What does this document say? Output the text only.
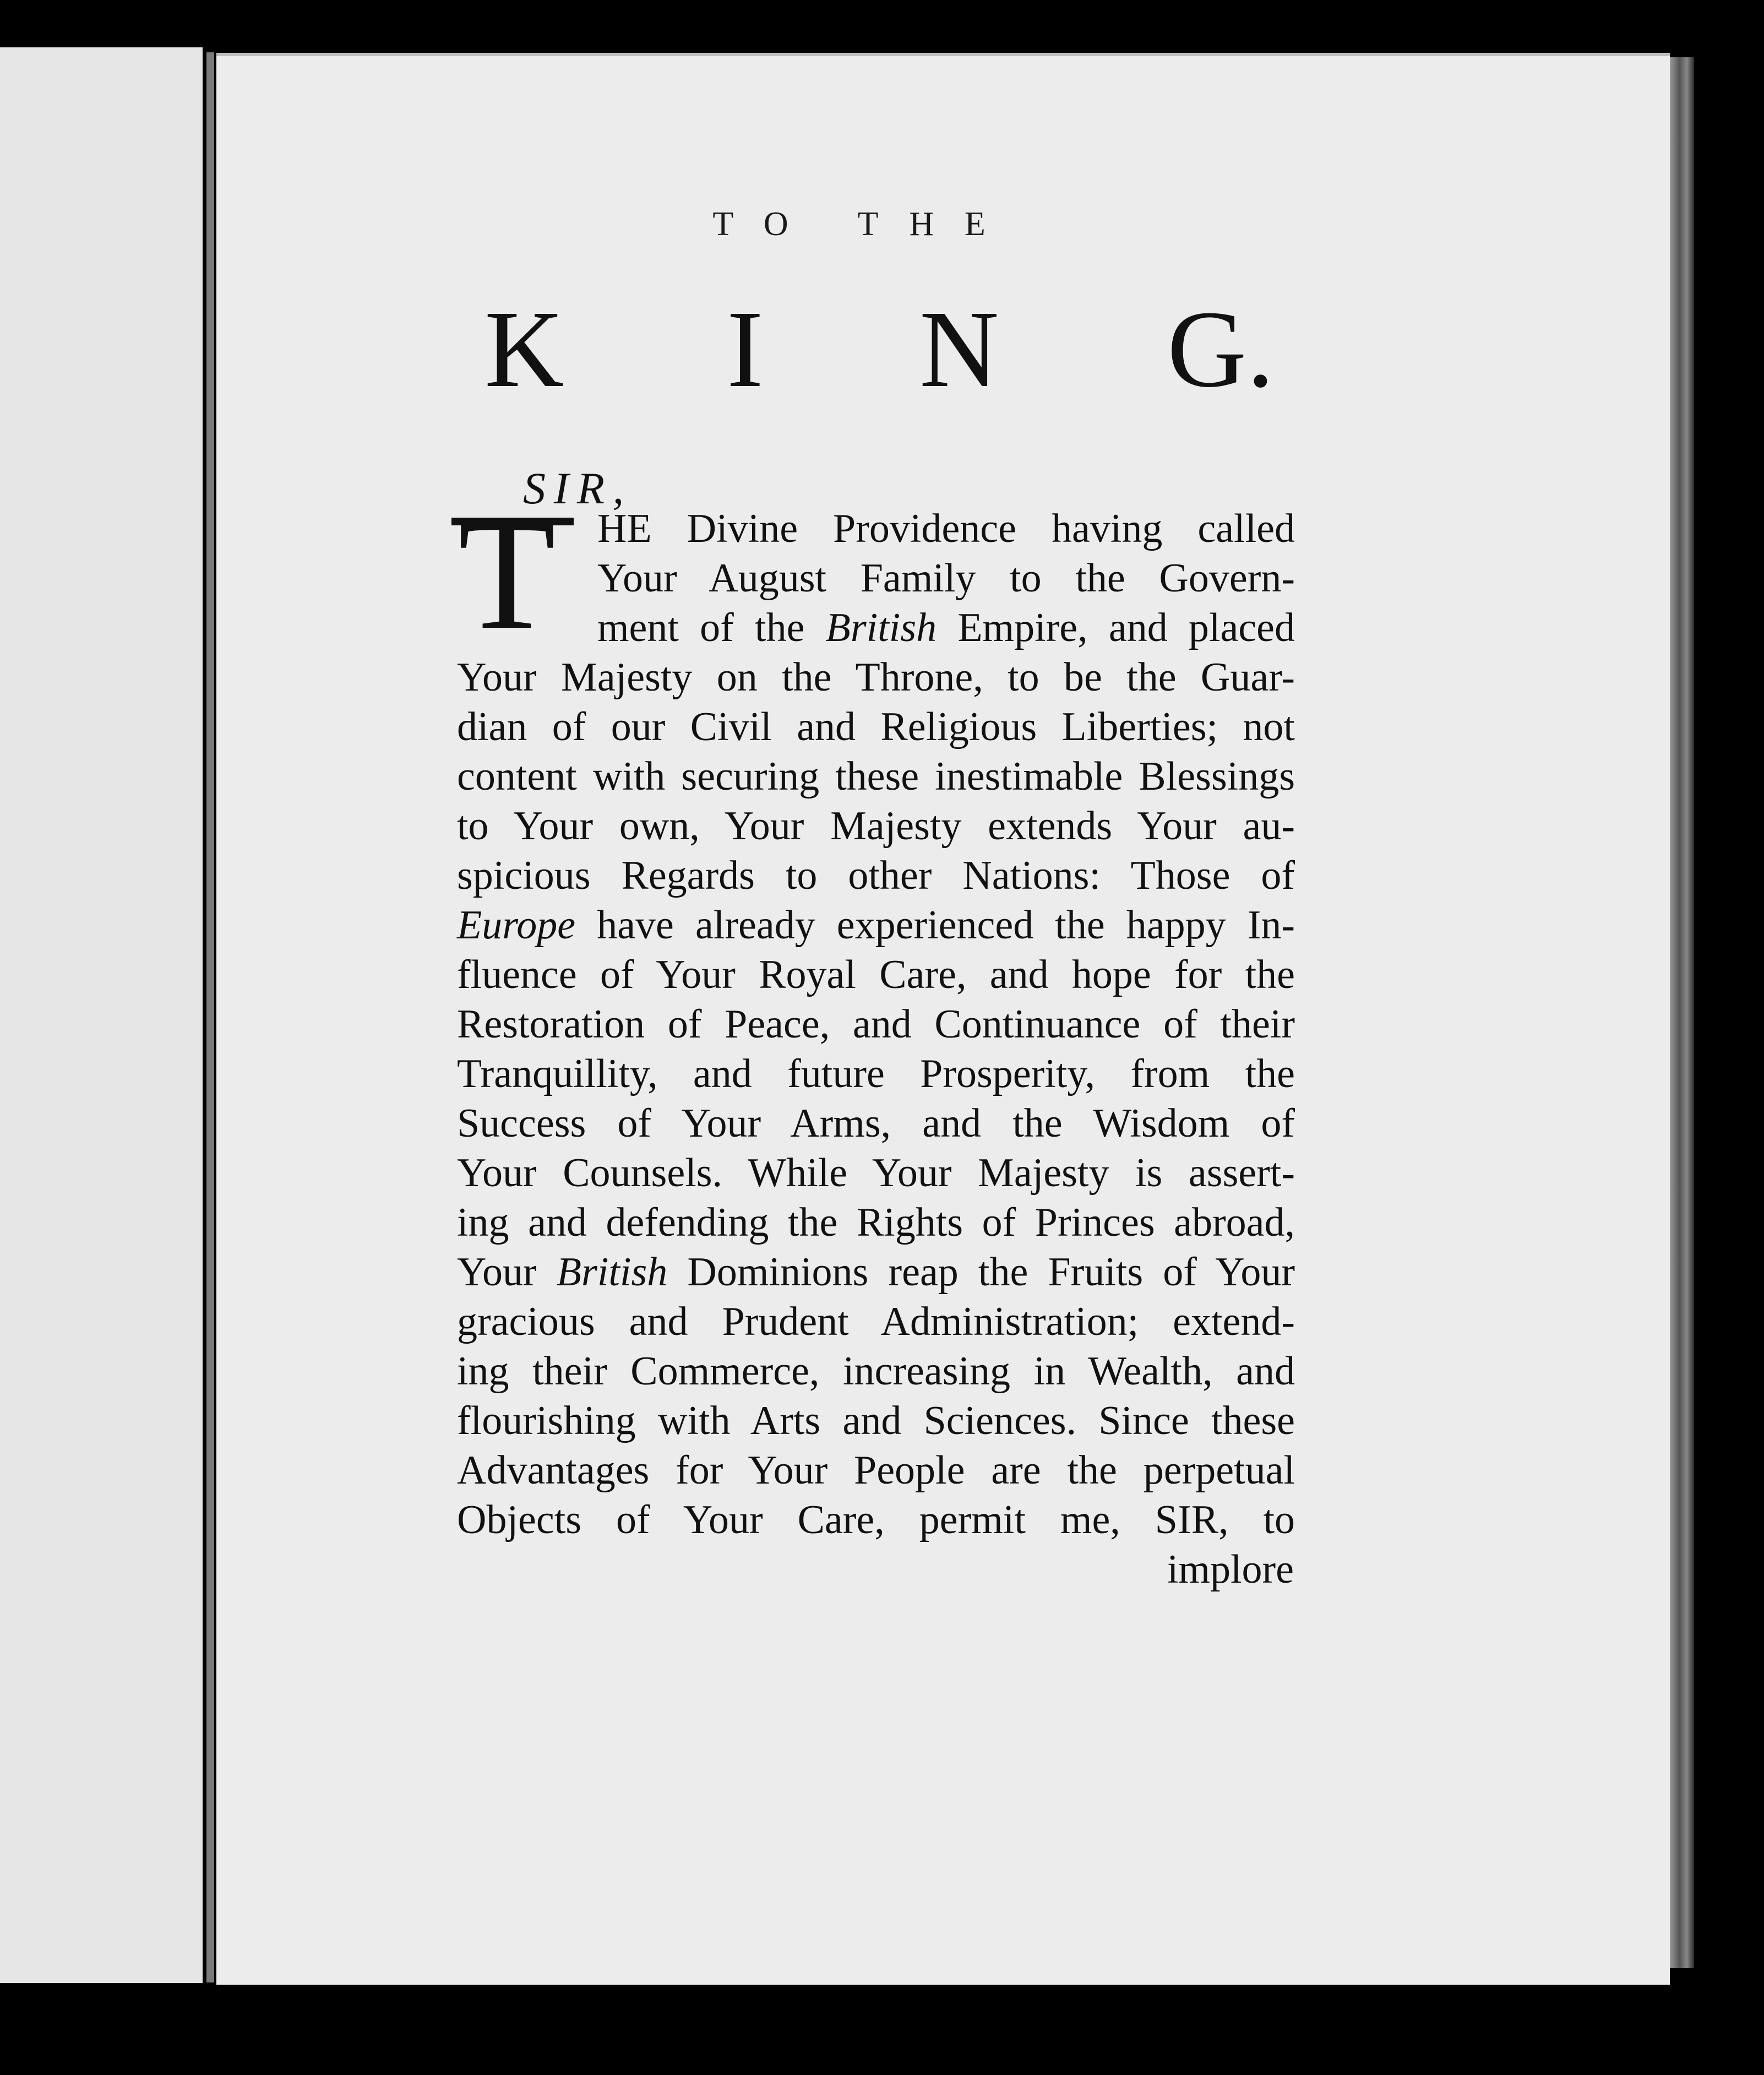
TO THE
K I N G.
SIR,
T HE Divine Providence having called
Your August Family to the Govern-
ment of the British Empire, and placed
Your Majesty on the Throne, to be the Guar-
dian of our Civil and Religious Liberties; not
content with securing these inestimable Blessings
to Your own, Your Majesty extends Your au-
spicious Regards to other Nations: Those of
Europe have already experienced the happy In-
fluence of Your Royal Care, and hope for the
Restoration of Peace, and Continuance of their
Tranquillity, and future Prosperity, from the
Success of Your Arms, and the Wisdom of
Your Counsels. While Your Majesty is assert-
ing and defending the Rights of Princes abroad,
Your British Dominions reap the Fruits of Your
gracious and Prudent Administration; extend-
ing their Commerce, increasing in Wealth, and
flourishing with Arts and Sciences. Since these
Advantages for Your People are the perpetual
Objects of Your Care, permit me, SIR, to
implore
